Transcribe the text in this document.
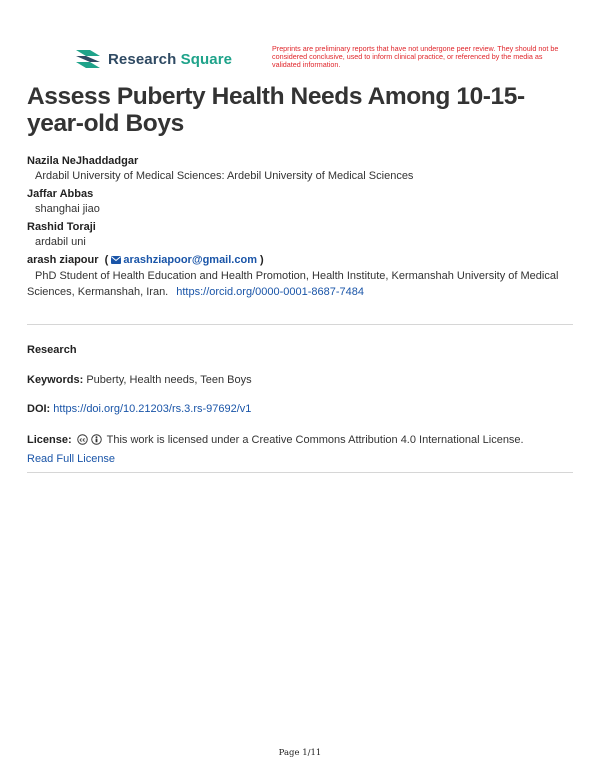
Research Square
Preprints are preliminary reports that have not undergone peer review. They should not be considered conclusive, used to inform clinical practice, or referenced by the media as validated information.
Assess Puberty Health Needs Among 10-15-year-old Boys
Nazila NeJhaddadgar
Ardabil University of Medical Sciences: Ardebil University of Medical Sciences
Jaffar Abbas
shanghai jiao
Rashid Toraji
ardabil uni
arash ziapour  ( arashziapoor@gmail.com )
PhD Student of Health Education and Health Promotion, Health Institute, Kermanshah University of Medical Sciences, Kermanshah, Iran. https://orcid.org/0000-0001-8687-7484
Research
Keywords: Puberty, Health needs, Teen Boys
DOI: https://doi.org/10.21203/rs.3.rs-97692/v1
License: cc This work is licensed under a Creative Commons Attribution 4.0 International License.
Read Full License
Page 1/11
